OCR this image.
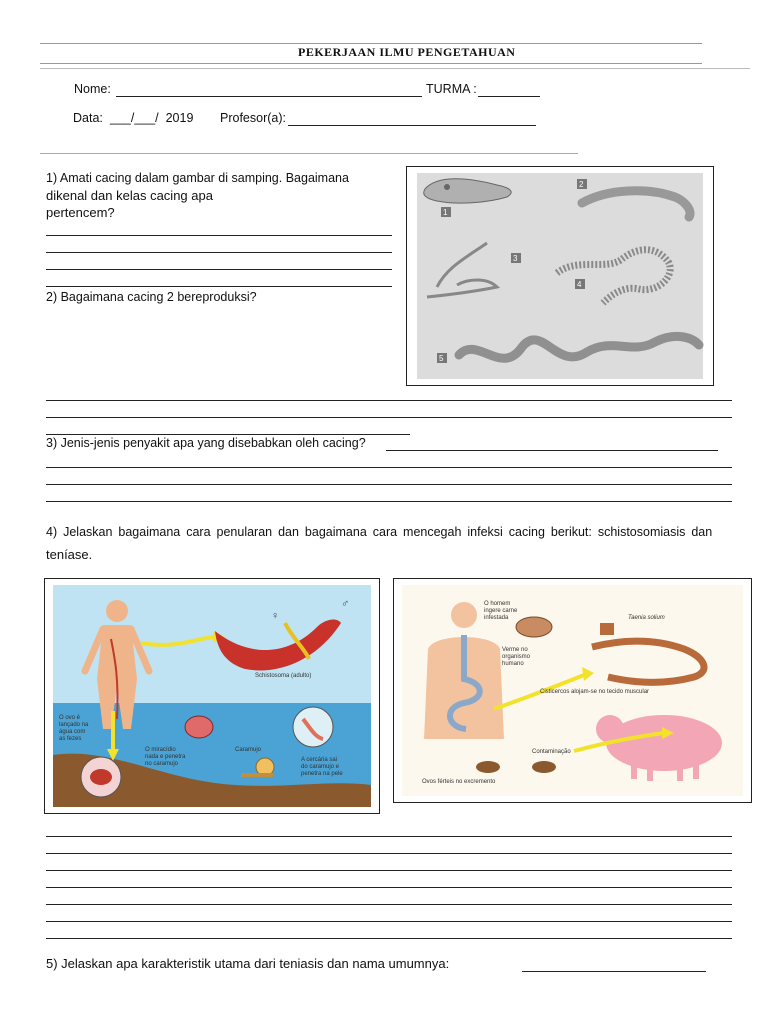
PEKERJAAN ILMU PENGETAHUAN
Nome:	TURMA :
Data: ___/___/  2019 Profesor(a):
1) Amati cacing dalam gambar di samping. Bagaimana
dikenal dan kelas cacing apa
pertencem?
2) Bagaimana cacing 2 bereproduksi?
1
2
3
4
5
3) Jenis-jenis penyakit apa yang disebabkan oleh cacing?
4) Jelaskan bagaimana cara penularan dan bagaimana cara mencegah infeksi cacing berikut: schistosomiasis dan
teníase.
Schistosoma (adulto)
♀
♂
Caramujo
O ovo é lançado na água com as fezes
O miracídio nada e penetra no caramujo
A cercária sai do caramujo e penetra na pele
Taenia solium
Contaminação
Ovos férteis no excremento
Cisticercos alojam-se no tecido muscular
O homem ingere carne infestada
Verme no organismo humano
5) Jelaskan apa karakteristik utama dari teniasis dan nama umumnya:
